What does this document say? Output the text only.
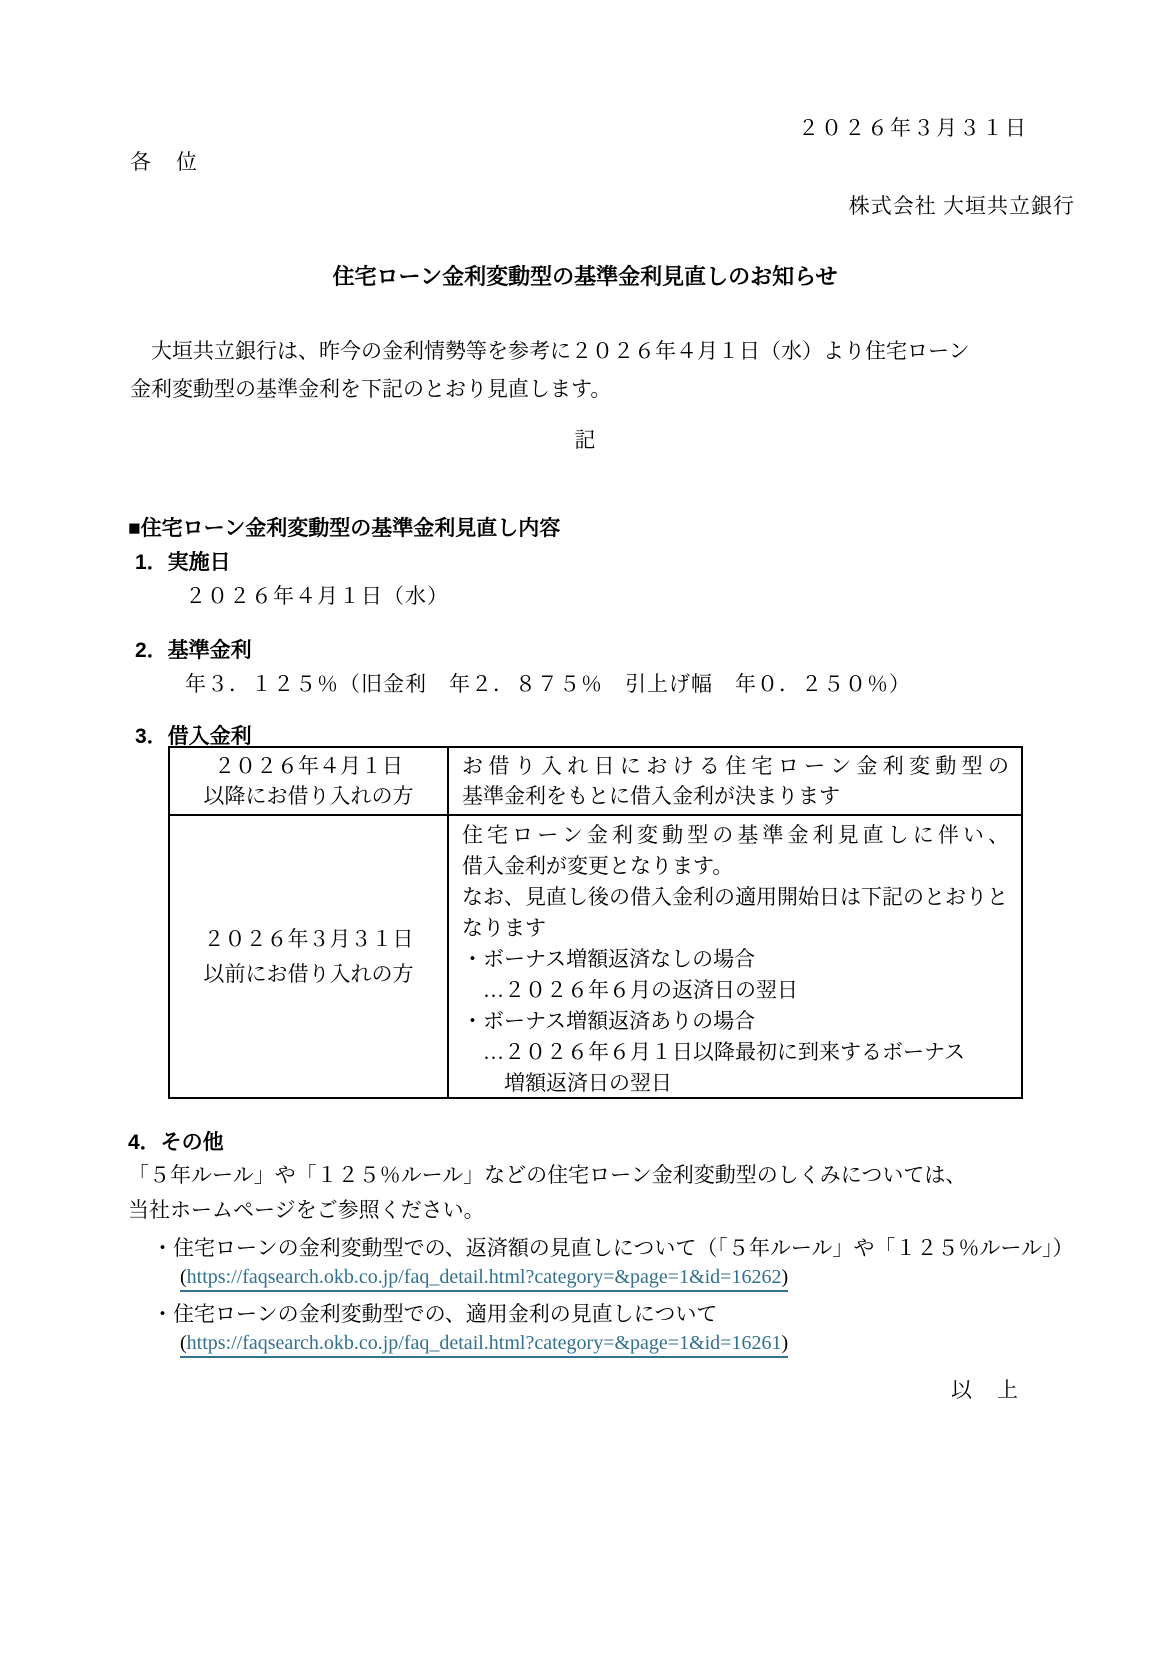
２０２６年３月３１日
各　位
株式会社 大垣共立銀行
住宅ローン金利変動型の基準金利見直しのお知らせ
　大垣共立銀行は、昨今の金利情勢等を参考に２０２６年４月１日（水）より住宅ローン
金利変動型の基準金利を下記のとおり見直します。
記
■住宅ローン金利変動型の基準金利見直し内容
1．実施日
２０２６年４月１日（水）
2．基準金利
年３．１２５％（旧金利　年２．８７５％　引上げ幅　年０．２５０％）
3．借入金利
２０２６年４月１日
以降にお借り入れの方
お借り入れ日における住宅ローン金利変動型の
基準金利をもとに借入金利が決まります
２０２６年３月３１日
以前にお借り入れの方
住宅ローン金利変動型の基準金利見直しに伴い、
借入金利が変更となります。
なお、見直し後の借入金利の適用開始日は下記のとおりと
なります
・ボーナス増額返済なしの場合
　…２０２６年６月の返済日の翌日
・ボーナス増額返済ありの場合
　…２０２６年６月１日以降最初に到来するボーナス
　　増額返済日の翌日
4．その他
「５年ルール」や「１２５％ルール」などの住宅ローン金利変動型のしくみについては、
当社ホームページをご参照ください。
・住宅ローンの金利変動型での、返済額の見直しについて（「５年ルール」や「１２５％ルール」）
(https://faqsearch.okb.co.jp/faq_detail.html?category=&page=1&id=16262)
・住宅ローンの金利変動型での、適用金利の見直しについて
(https://faqsearch.okb.co.jp/faq_detail.html?category=&page=1&id=16261)
以　上
